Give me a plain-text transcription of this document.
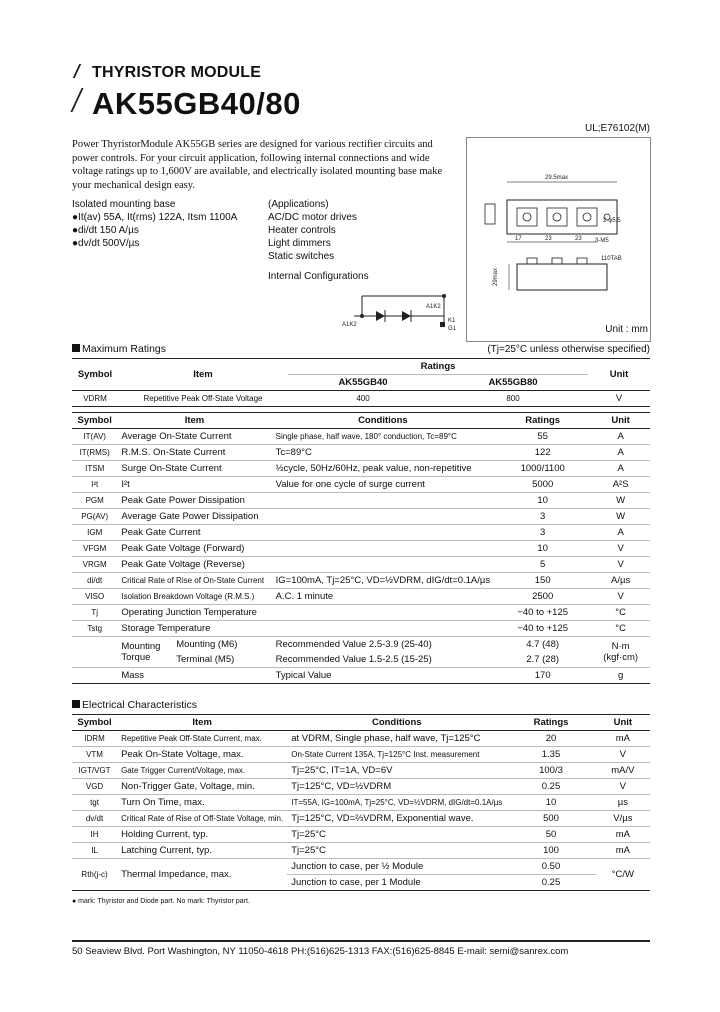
THYRISTOR MODULE
AK55GB40/80
UL;E76102(M)
Power ThyristorModule AK55GB series are designed for various rectifier circuits and power controls. For your circuit application, following internal connections and wide voltage ratings up to 1,600V are available, and electrically isolated mounting base make your mechanical design easy.
Isolated mounting base
●It(av) 55A, It(rms) 122A, Itsm 1100A
●di/dt 150 A/µs
●dv/dt 500V/µs
(Applications)
AC/DC motor drives
Heater controls
Light dimmers
Static switches
Internal Configurations
A1K2
A1K2
K1
G1
29.5max
2-φ5.5
3-M5
17	23	23
110TAB
29max
Unit : mm
Maximum Ratings	(Tj=25°C unless otherwise specified)
Symbol	Item	Ratings		Unit
		AK55GB40	AK55GB80	
VDRM	Repetitive Peak Off-State Voltage	400	800	V
Symbol	Item		Conditions	Ratings	Unit
IT(AV)	Average On-State Current		Single phase, half wave, 180° conduction, Tc=89°C	55	A
IT(RMS)	R.M.S. On-State Current		Tc=89°C	122	A
ITSM	Surge On-State Current		½cycle, 50Hz/60Hz, peak value, non-repetitive	1000/1100	A
I²t	I²t		Value for one cycle of surge current	5000	A²S
PGM	Peak Gate Power Dissipation			10	W
PG(AV)	Average Gate Power Dissipation			3	W
IGM	Peak Gate Current			3	A
VFGM	Peak Gate Voltage (Forward)			10	V
VRGM	Peak Gate Voltage (Reverse)			5	V
di/dt	Critical Rate of Rise of On-State Current		IG=100mA, Tj=25°C, VD=½VDRM, dIG/dt=0.1A/µs	150	A/µs
VISO	Isolation Breakdown Voltage (R.M.S.)		A.C. 1 minute	2500	V
Tj	Operating Junction Temperature			−40 to +125	°C
Tstg	Storage Temperature			−40 to +125	°C
	Mounting Torque	Mounting (M6)	Recommended Value 2.5-3.9 (25-40)	4.7 (48)	N·m (kgf·cm)
		Terminal (M5)	Recommended Value 1.5-2.5 (15-25)	2.7 (28)	
	Mass		Typical Value	170	g
Electrical Characteristics
Symbol	Item	Conditions	Ratings	Unit
IDRM	Repetitive Peak Off-State Current, max.	at VDRM, Single phase, half wave, Tj=125°C	20	mA
VTM	Peak On-State Voltage, max.	On-State Current 135A, Tj=125°C Inst. measurement	1.35	V
IGT/VGT	Gate Trigger Current/Voltage, max.	Tj=25°C, IT=1A, VD=6V	100/3	mA/V
VGD	Non-Trigger Gate, Voltage, min.	Tj=125°C, VD=½VDRM	0.25	V
tgt	Turn On Time, max.	IT=55A, IG=100mA, Tj=25°C, VD=½VDRM, dIG/dt=0.1A/µs	10	µs
dv/dt	Critical Rate of Rise of Off-State Voltage, min.	Tj=125°C, VD=⅔VDRM, Exponential wave.	500	V/µs
IH	Holding Current, typ.	Tj=25°C	50	mA
IL	Latching Current, typ.	Tj=25°C	100	mA
Rth(j-c)	Thermal Impedance, max.	Junction to case, per ½ Module	0.50	°C/W
		Junction to case, per 1 Module	0.25	
● mark: Thyristor and Diode part. No mark: Thyristor part.
50 Seaview Blvd. Port Washington, NY 11050-4618 PH:(516)625-1313 FAX:(516)625-8845 E-mail: semi@sanrex.com
